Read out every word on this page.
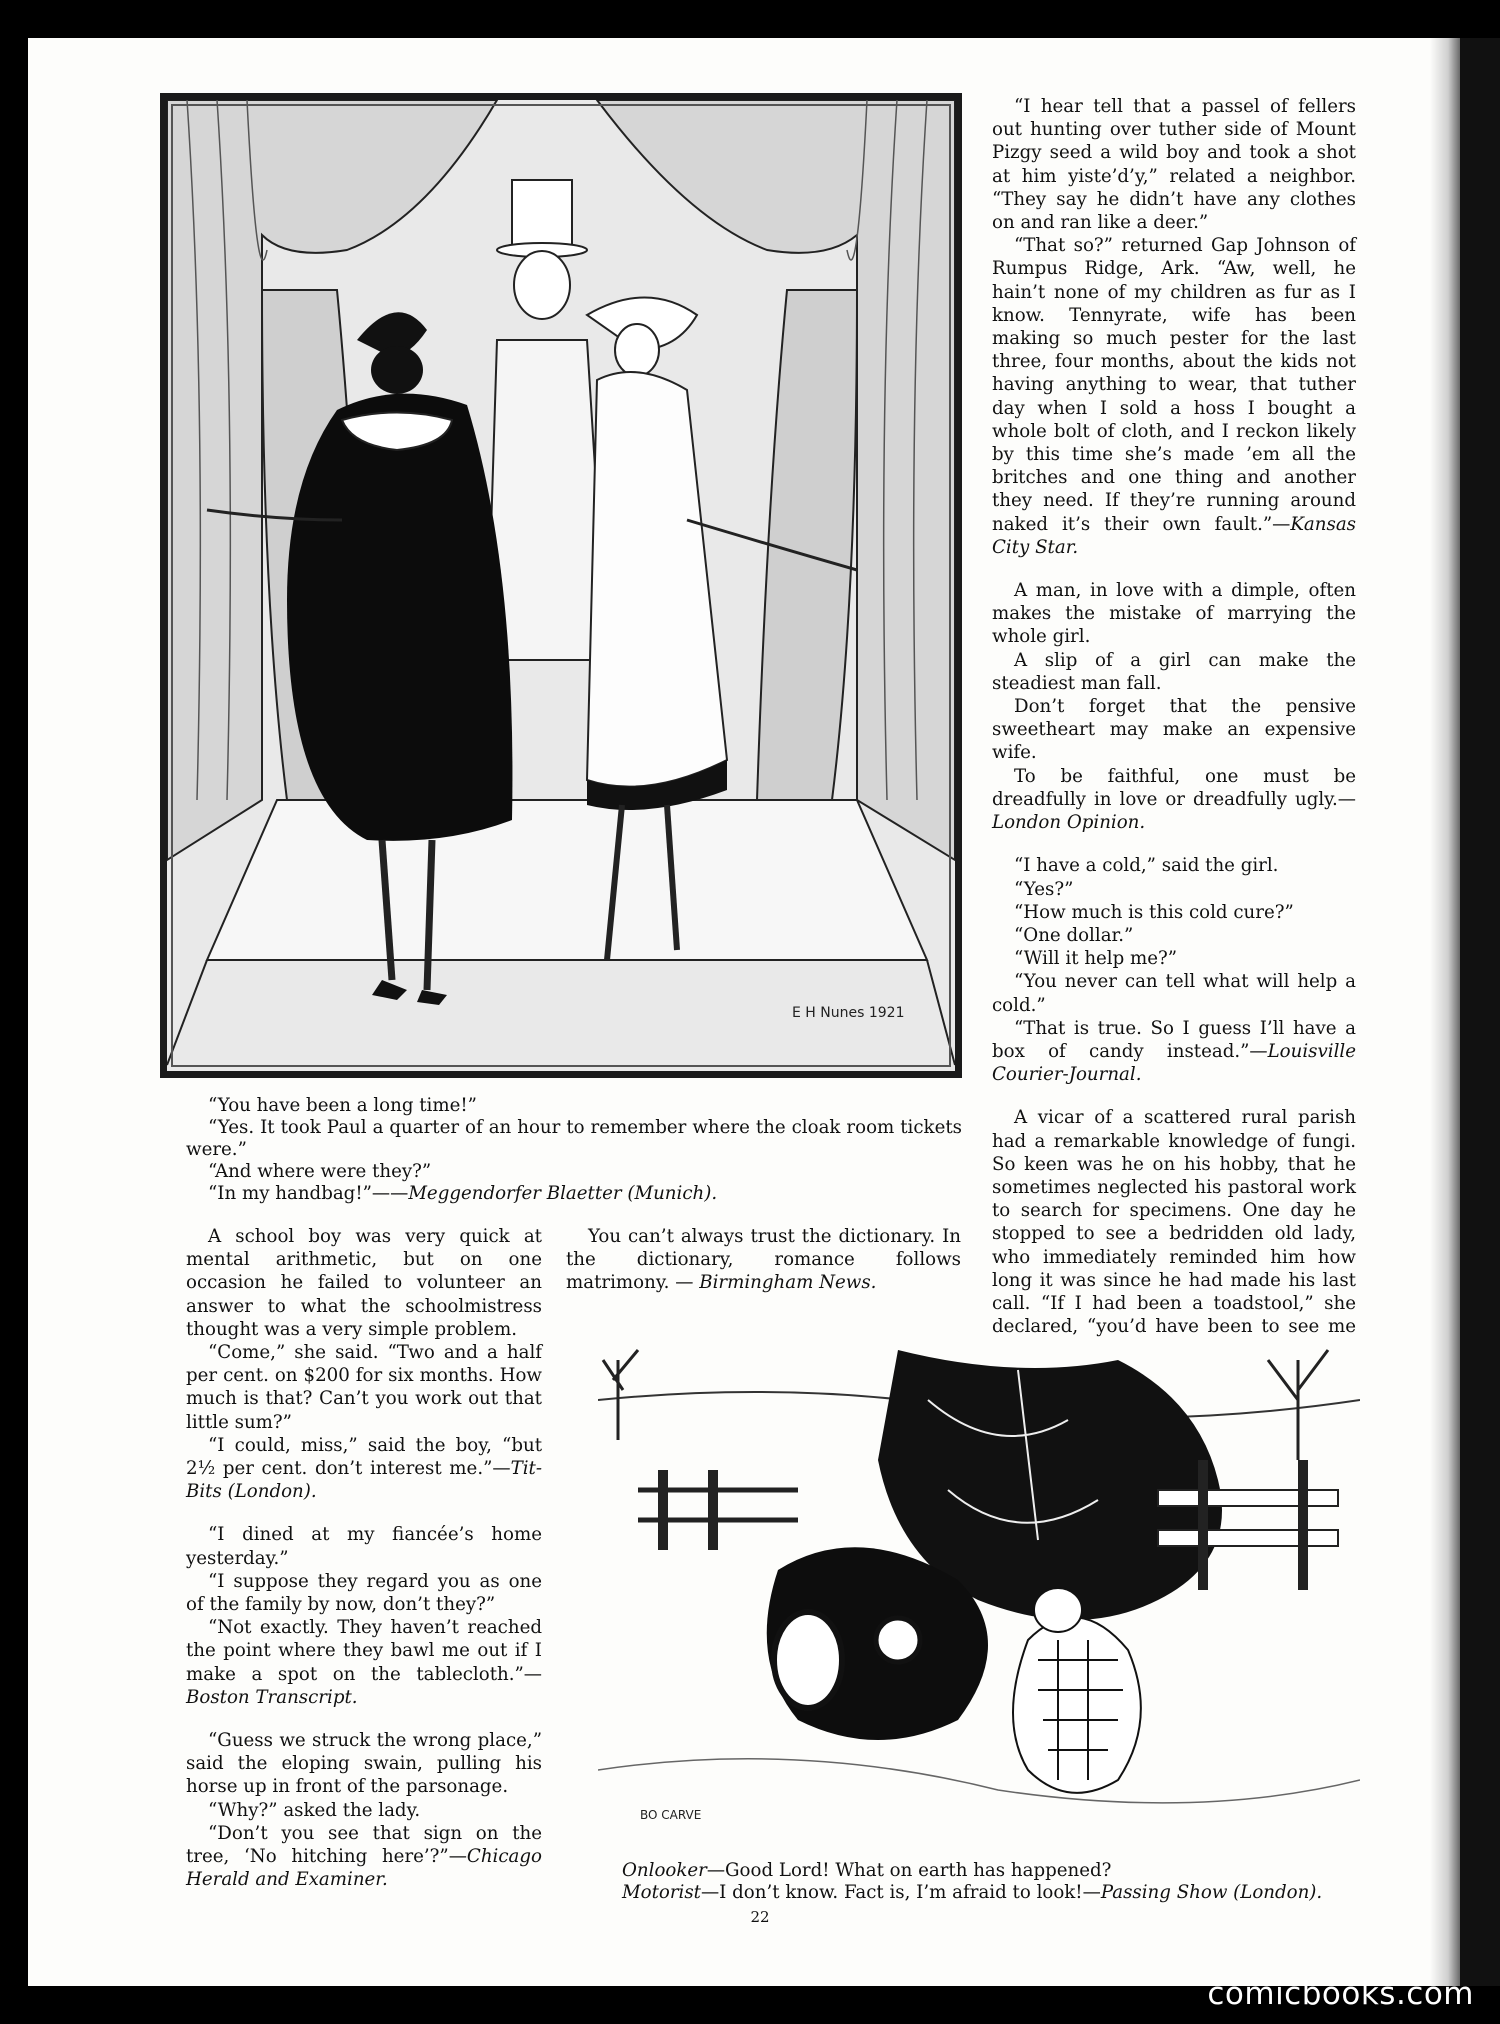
E H Nunes 1921

“You have been a long time!”

“Yes. It took Paul a quarter of an hour to remember where the cloak room tickets were.”

“And where were they?”

“In my handbag!”——Meggendorfer Blaetter (Munich).

“I hear tell that a passel of fellers out hunting over tuther side of Mount Pizgy seed a wild boy and took a shot at him yiste’d’y,” related a neighbor. “They say he didn’t have any clothes on and ran like a deer.”

“That so?” returned Gap Johnson of Rumpus Ridge, Ark. “Aw, well, he hain’t none of my children as fur as I know. Tennyrate, wife has been making so much pester for the last three, four months, about the kids not having anything to wear, that tuther day when I sold a hoss I bought a whole bolt of cloth, and I reckon likely by this time she’s made ’em all the britches and one thing and another they need. If they’re running around naked it’s their own fault.”—Kansas City Star.

A man, in love with a dimple, often makes the mistake of marrying the whole girl.

A slip of a girl can make the steadiest man fall.

Don’t forget that the pensive sweetheart may make an expensive wife.

To be faithful, one must be dreadfully in love or dreadfully ugly.—London Opinion.

“I have a cold,” said the girl.

“Yes?”

“How much is this cold cure?”

“One dollar.”

“Will it help me?”

“You never can tell what will help a cold.”

“That is true. So I guess I’ll have a box of candy instead.”—Louisville Courier-Journal.

A vicar of a scattered rural parish had a remarkable knowledge of fungi. So keen was he on his hobby, that he sometimes neglected his pastoral work to search for specimens. One day he stopped to see a bedridden old lady, who immediately reminded him how long it was since he had made his last call. “If I had been a toadstool,” she declared, “you’d have been to see me

A school boy was very quick at mental arithmetic, but on one occasion he failed to volunteer an answer to what the schoolmistress thought was a very simple problem.

“Come,” she said. “Two and a half per cent. on $200 for six months. How much is that? Can’t you work out that little sum?”

“I could, miss,” said the boy, “but 2½ per cent. don’t interest me.”—Tit-Bits (London).

“I dined at my fiancée’s home yesterday.”

“I suppose they regard you as one of the family by now, don’t they?”

“Not exactly. They haven’t reached the point where they bawl me out if I make a spot on the tablecloth.”—Boston Transcript.

“Guess we struck the wrong place,” said the eloping swain, pulling his horse up in front of the parsonage.

“Why?” asked the lady.

“Don’t you see that sign on the tree, ‘No hitching here’?”—Chicago Herald and Examiner.

You can’t always trust the dictionary. In the dictionary, romance follows matrimony. — Birmingham News.

BO CARVE

Onlooker—Good Lord! What on earth has happened?

Motorist—I don’t know. Fact is, I’m afraid to look!—Passing Show (London).

22
comicbooks.com
